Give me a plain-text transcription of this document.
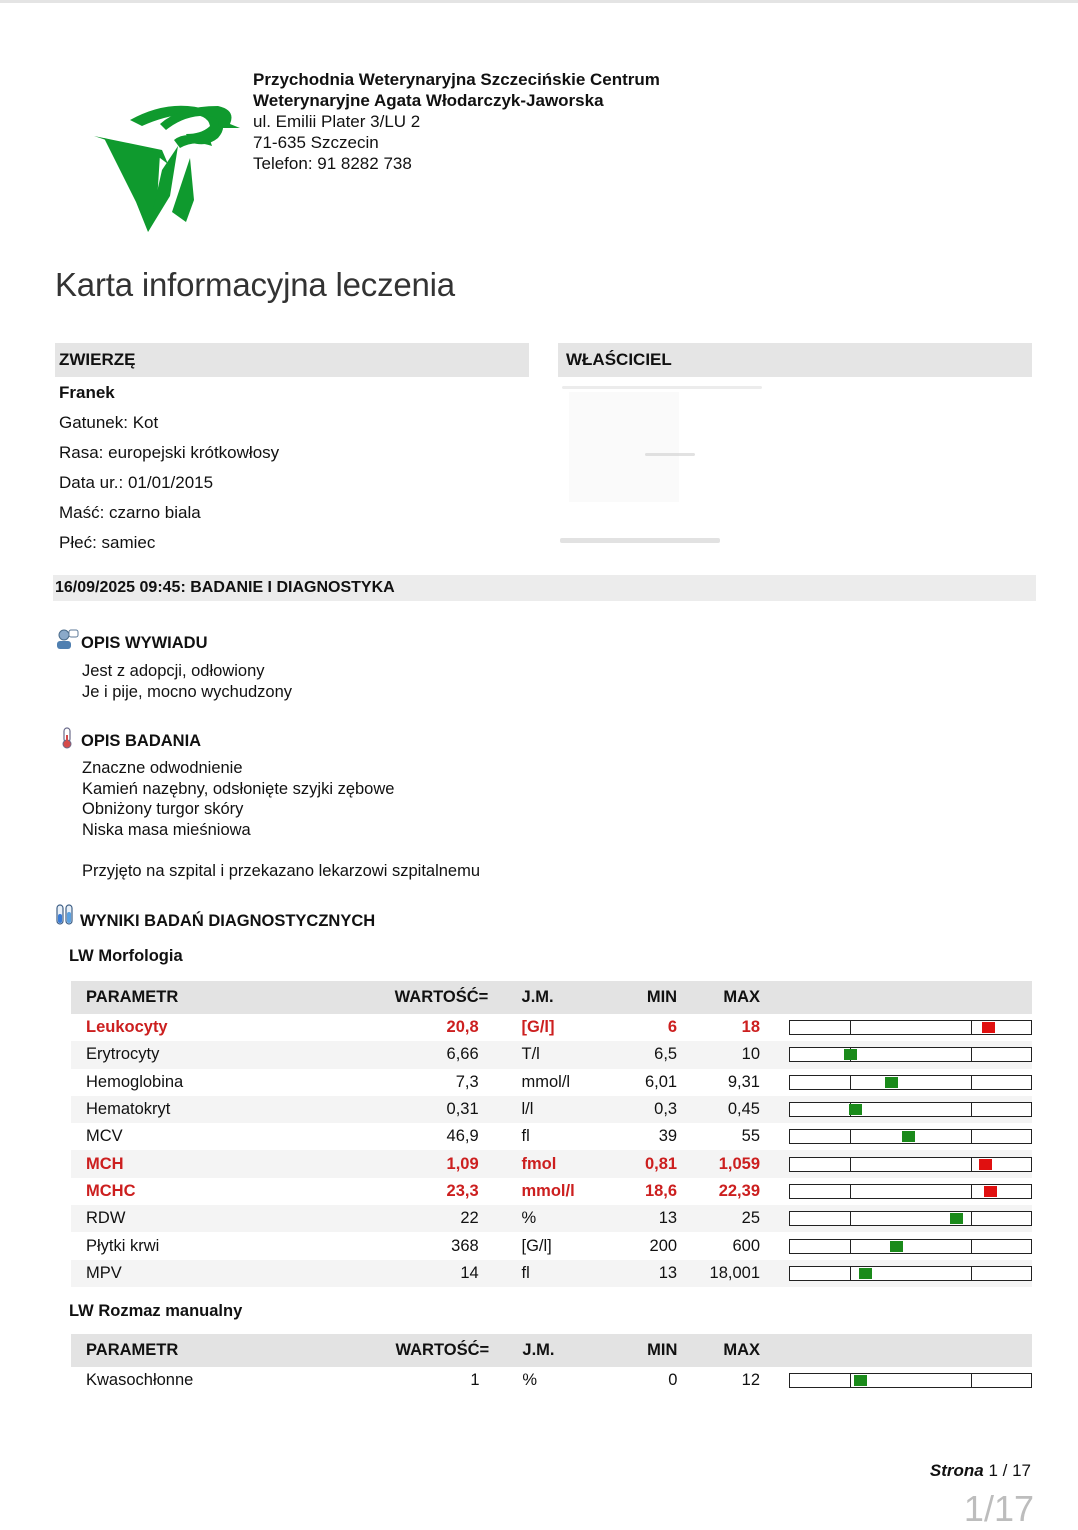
Przychodnia Weterynaryjna Szczecińskie Centrum
Weterynaryjne Agata Włodarczyk-Jaworska
ul. Emilii Plater 3/LU 2
71-635 Szczecin
Telefon: 91 8282 738
Karta informacyjna leczenia
ZWIERZĘ	WŁAŚCICIEL
Franek
Gatunek: Kot
Rasa: europejski krótkowłosy
Data ur.: 01/01/2015
Maść: czarno biala
Płeć: samiec
16/09/2025 09:45: BADANIE I DIAGNOSTYKA
OPIS WYWIADU
Jest z adopcji, odłowiony
Je i pije, mocno wychudzony
OPIS BADANIA
Znaczne odwodnienie
Kamień nazębny, odsłonięte szyjki zębowe
Obniżony turgor skóry
Niska masa mieśniowa
Przyjęto na szpital i przekazano lekarzowi szpitalnemu
WYNIKI BADAŃ DIAGNOSTYCZNYCH
LW Morfologia
PARAMETR	WARTOŚĆ	=	J.M.	MIN	MAX	
Leukocyty	20,8		[G/l]	6	18	

Erytrocyty	6,66		T/l	6,5	10	

Hemoglobina	7,3		mmol/l	6,01	9,31	

Hematokryt	0,31		l/l	0,3	0,45	

MCV	46,9		fl	39	55	

MCH	1,09		fmol	0,81	1,059	

MCHC	23,3		mmol/l	18,6	22,39	

RDW	22		%	13	25	

Płytki krwi	368		[G/l]	200	600	

MPV	14		fl	13	18,001	
LW Rozmaz manualny
PARAMETR	WARTOŚĆ	=	J.M.	MIN	MAX	
Kwasochłonne	1		%	0	12	
Strona 1 / 17
1/17
